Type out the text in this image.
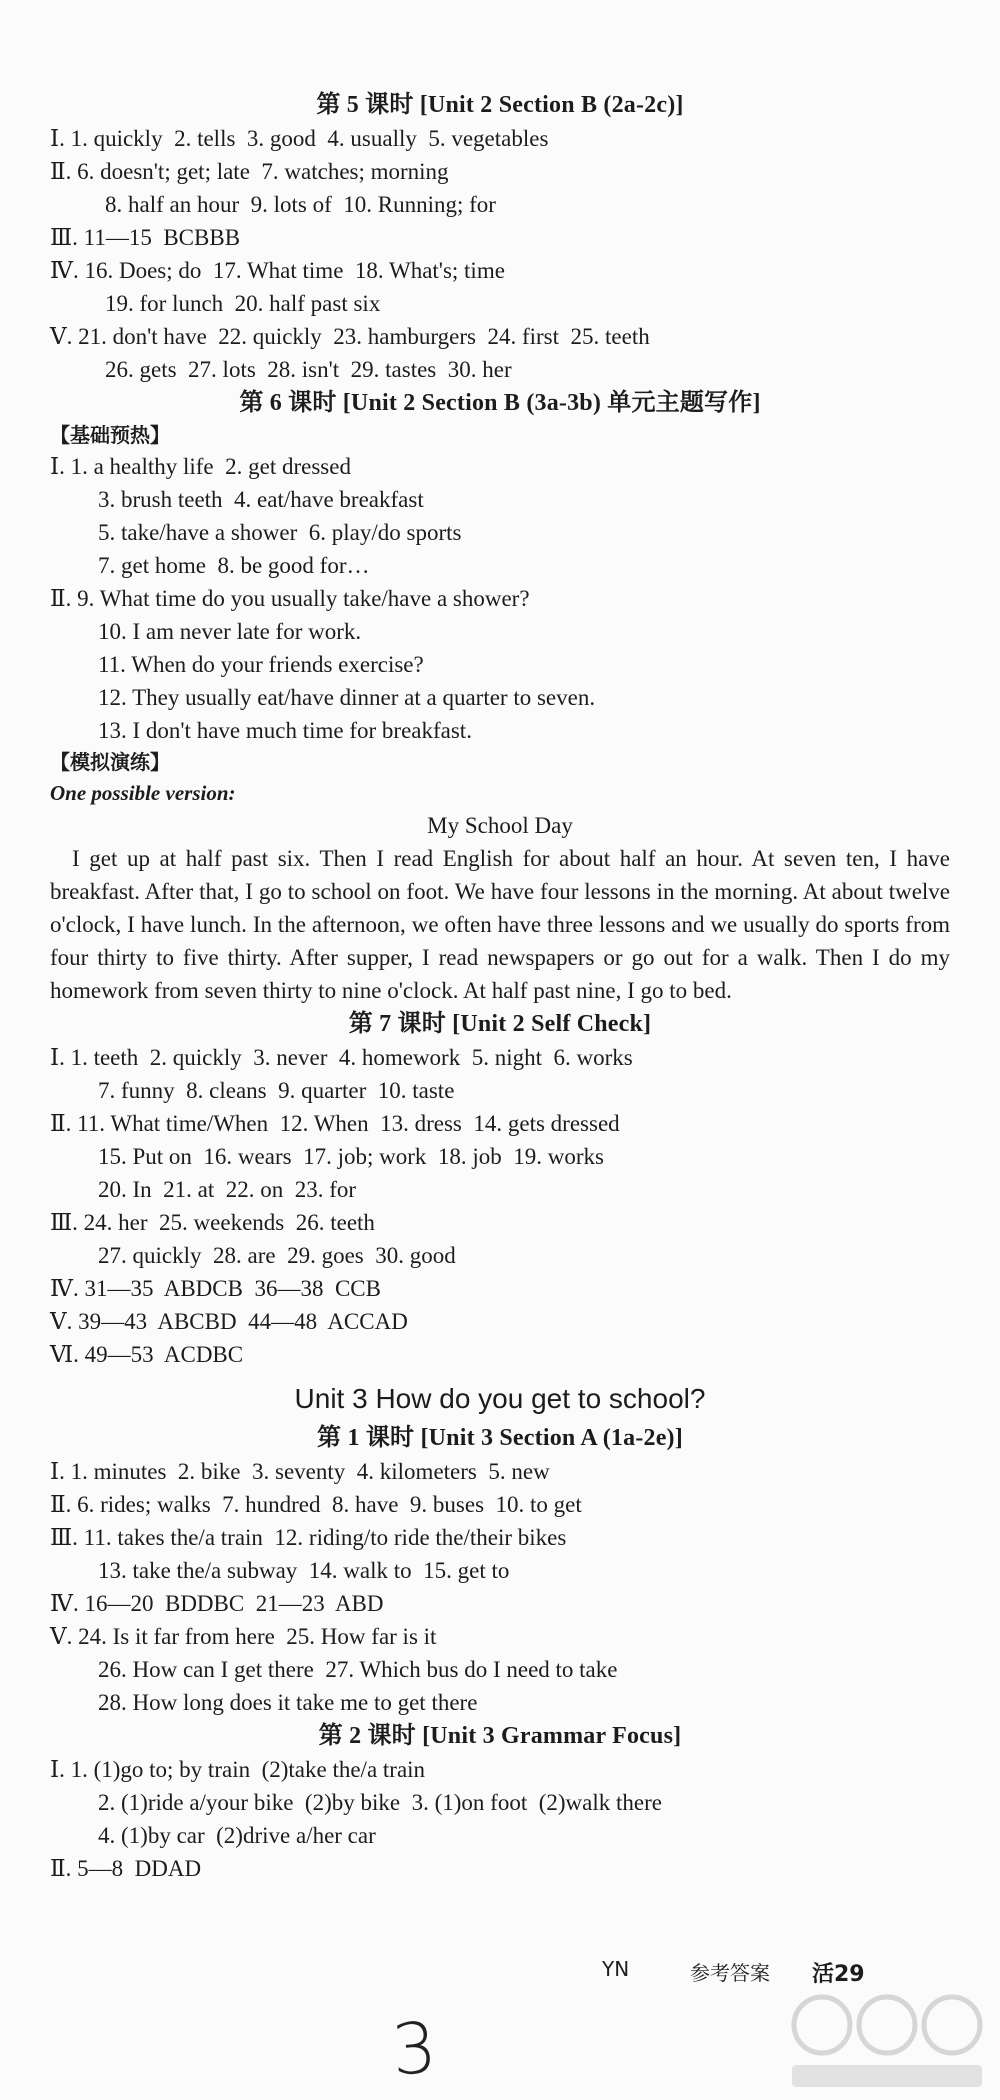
第 5 课时 [Unit 2 Section B (2a-2c)]
Ⅰ. 1. quickly  2. tells  3. good  4. usually  5. vegetables
Ⅱ. 6. doesn't; get; late  7. watches; morning
8. half an hour  9. lots of  10. Running; for
Ⅲ. 11—15  BCBBB
Ⅳ. 16. Does; do  17. What time  18. What's; time
19. for lunch  20. half past six
Ⅴ. 21. don't have  22. quickly  23. hamburgers  24. first  25. teeth
26. gets  27. lots  28. isn't  29. tastes  30. her
第 6 课时 [Unit 2 Section B (3a-3b) 单元主题写作]
【基础预热】
Ⅰ. 1. a healthy life  2. get dressed
3. brush teeth  4. eat/have breakfast
5. take/have a shower  6. play/do sports
7. get home  8. be good for…
Ⅱ. 9. What time do you usually take/have a shower?
10. I am never late for work.
11. When do your friends exercise?
12. They usually eat/have dinner at a quarter to seven.
13. I don't have much time for breakfast.
【模拟演练】
One possible version:
My School Day
I get up at half past six. Then I read English for about half an hour. At seven ten, I have breakfast. After that, I go to school on foot. We have four lessons in the morning. At about twelve o'clock, I have lunch. In the afternoon, we often have three lessons and we usually do sports from four thirty to five thirty. After supper, I read newspapers or go out for a walk. Then I do my homework from seven thirty to nine o'clock. At half past nine, I go to bed.
第 7 课时 [Unit 2 Self Check]
Ⅰ. 1. teeth  2. quickly  3. never  4. homework  5. night  6. works
7. funny  8. cleans  9. quarter  10. taste
Ⅱ. 11. What time/When  12. When  13. dress  14. gets dressed
15. Put on  16. wears  17. job; work  18. job  19. works
20. In  21. at  22. on  23. for
Ⅲ. 24. her  25. weekends  26. teeth
27. quickly  28. are  29. goes  30. good
Ⅳ. 31—35  ABDCB  36—38  CCB
Ⅴ. 39—43  ABCBD  44—48  ACCAD
Ⅵ. 49—53  ACDBC
Unit 3 How do you get to school?
第 1 课时 [Unit 3 Section A (1a-2e)]
Ⅰ. 1. minutes  2. bike  3. seventy  4. kilometers  5. new
Ⅱ. 6. rides; walks  7. hundred  8. have  9. buses  10. to get
Ⅲ. 11. takes the/a train  12. riding/to ride the/their bikes
13. take the/a subway  14. walk to  15. get to
Ⅳ. 16—20  BDDBC  21—23  ABD
Ⅴ. 24. Is it far from here  25. How far is it
26. How can I get there  27. Which bus do I need to take
28. How long does it take me to get there
第 2 课时 [Unit 3 Grammar Focus]
Ⅰ. 1. (1)go to; by train  (2)take the/a train
2. (1)ride a/your bike  (2)by bike  3. (1)on foot  (2)walk there
4. (1)by car  (2)drive a/her car
Ⅱ. 5—8  DDAD
YN	参考答案 活29
3
